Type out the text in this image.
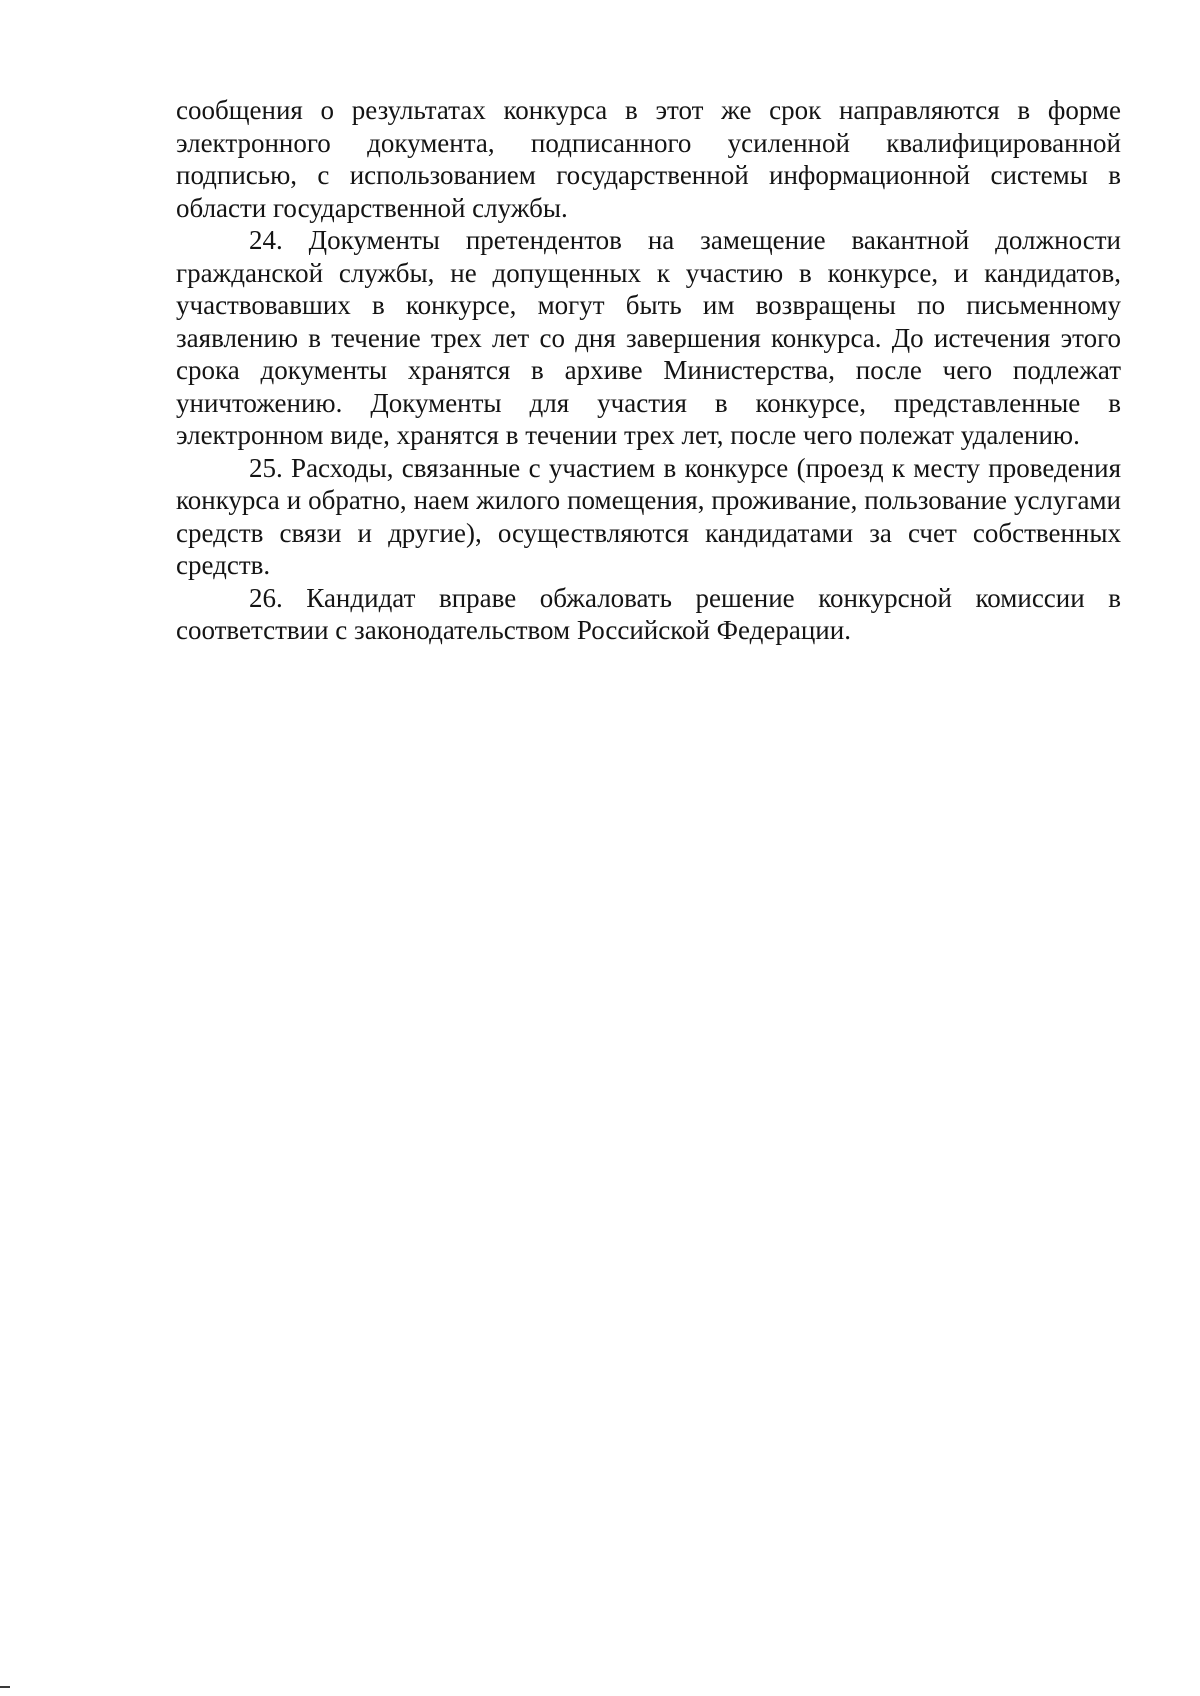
сообщения о результатах конкурса в этот же срок направляются в форме электронного документа, подписанного усиленной квалифицированной подписью, с использованием государственной информационной системы в области государственной службы.

24. Документы претендентов на замещение вакантной должности гражданской службы, не допущенных к участию в конкурсе, и кандидатов, участвовавших в конкурсе, могут быть им возвращены по письменному заявлению в течение трех лет со дня завершения конкурса. До истечения этого срока документы хранятся в архиве Министерства, после чего подлежат уничтожению. Документы для участия в конкурсе, представленные в электронном виде, хранятся в течении трех лет, после чего полежат удалению.

25. Расходы, связанные с участием в конкурсе (проезд к месту проведения конкурса и обратно, наем жилого помещения, проживание, пользование услугами средств связи и другие), осуществляются кандидатами за счет собственных средств.

26. Кандидат вправе обжаловать решение конкурсной комиссии в соответствии с законодательством Российской Федерации.
